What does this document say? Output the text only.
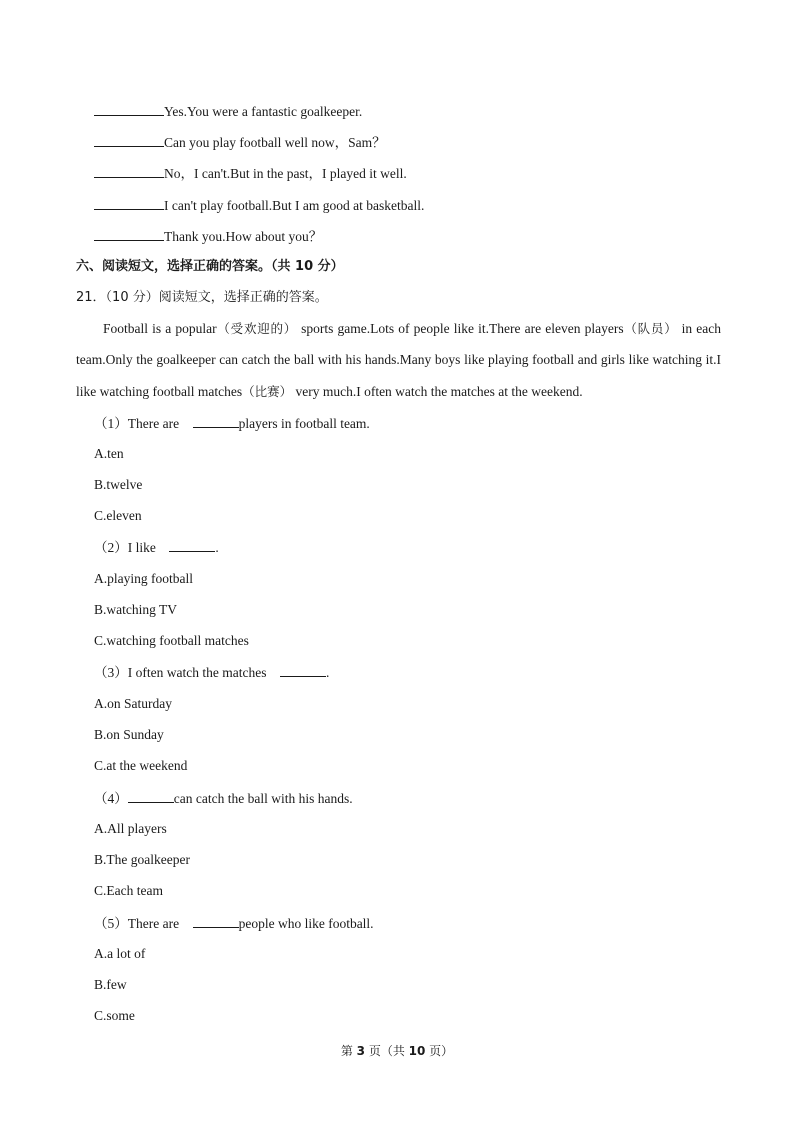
Yes.You were a fantastic goalkeeper.
Can you play football well now，Sam？
No，I can't.But in the past，I played it well.
I can't play football.But I am good at basketball.
Thank you.How about you？
六、阅读短文，选择正确的答案。（共 10 分）
21．（10 分）阅读短文，选择正确的答案。
Football is a popular（受欢迎的） sports game.Lots of people like it.There are eleven players（队员） in each team.Only the goalkeeper can catch the ball with his hands.Many boys like playing football and girls like watching it.I like watching football matches（比赛） very much.I often watch the matches at the weekend.
（1）There are	players in football team.
A.ten
B.twelve
C.eleven
（2）I like	.
A.playing football
B.watching TV
C.watching football matches
（3）I often watch the matches	.
A.on Saturday
B.on Sunday
C.at the weekend
（4）	can catch the ball with his hands.
A.All players
B.The goalkeeper
C.Each team
（5）There are	people who like football.
A.a lot of
B.few
C.some
第 3 页（共 10 页）
